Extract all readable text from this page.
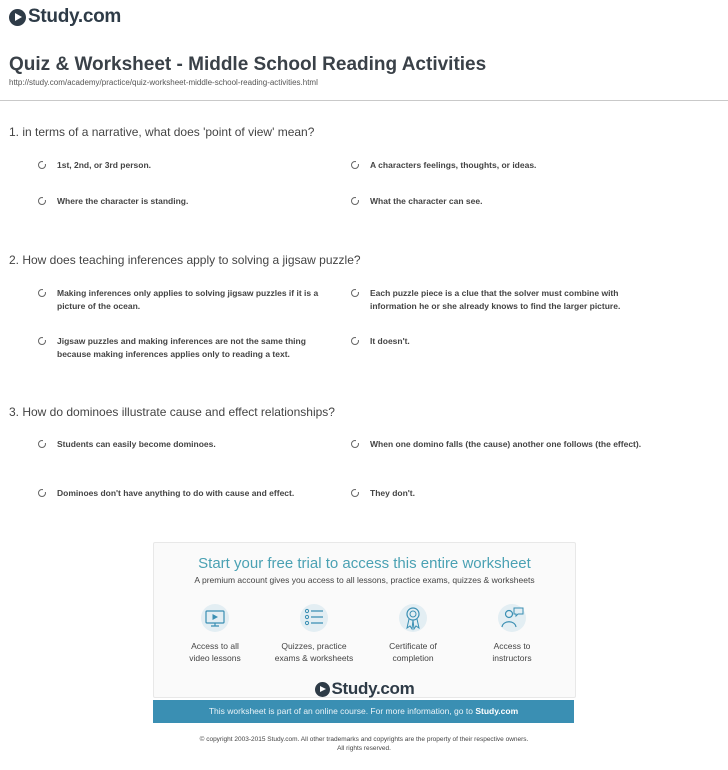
Study.com
Quiz & Worksheet - Middle School Reading Activities
http://study.com/academy/practice/quiz-worksheet-middle-school-reading-activities.html
1. in terms of a narrative, what does 'point of view' mean?
1st, 2nd, or 3rd person.	A characters feelings, thoughts, or ideas.
Where the character is standing.	What the character can see.
2. How does teaching inferences apply to solving a jigsaw puzzle?
Making inferences only applies to solving jigsaw puzzles if it is a picture of the ocean.
Each puzzle piece is a clue that the solver must combine with information he or she already knows to find the larger picture.
Jigsaw puzzles and making inferences are not the same thing because making inferences applies only to reading a text.
It doesn't.
3. How do dominoes illustrate cause and effect relationships?
Students can easily become dominoes.	When one domino falls (the cause) another one follows (the effect).
Dominoes don't have anything to do with cause and effect.	They don't.
Start your free trial to access this entire worksheet
A premium account gives you access to all lessons, practice exams, quizzes & worksheets
Access to all
video lessons
Quizzes, practice
exams & worksheets
Certificate of
completion
Access to
instructors
Study.com
This worksheet is part of an online course. For more information, go to Study.com
© copyright 2003-2015 Study.com. All other trademarks and copyrights are the property of their respective owners.
All rights reserved.
